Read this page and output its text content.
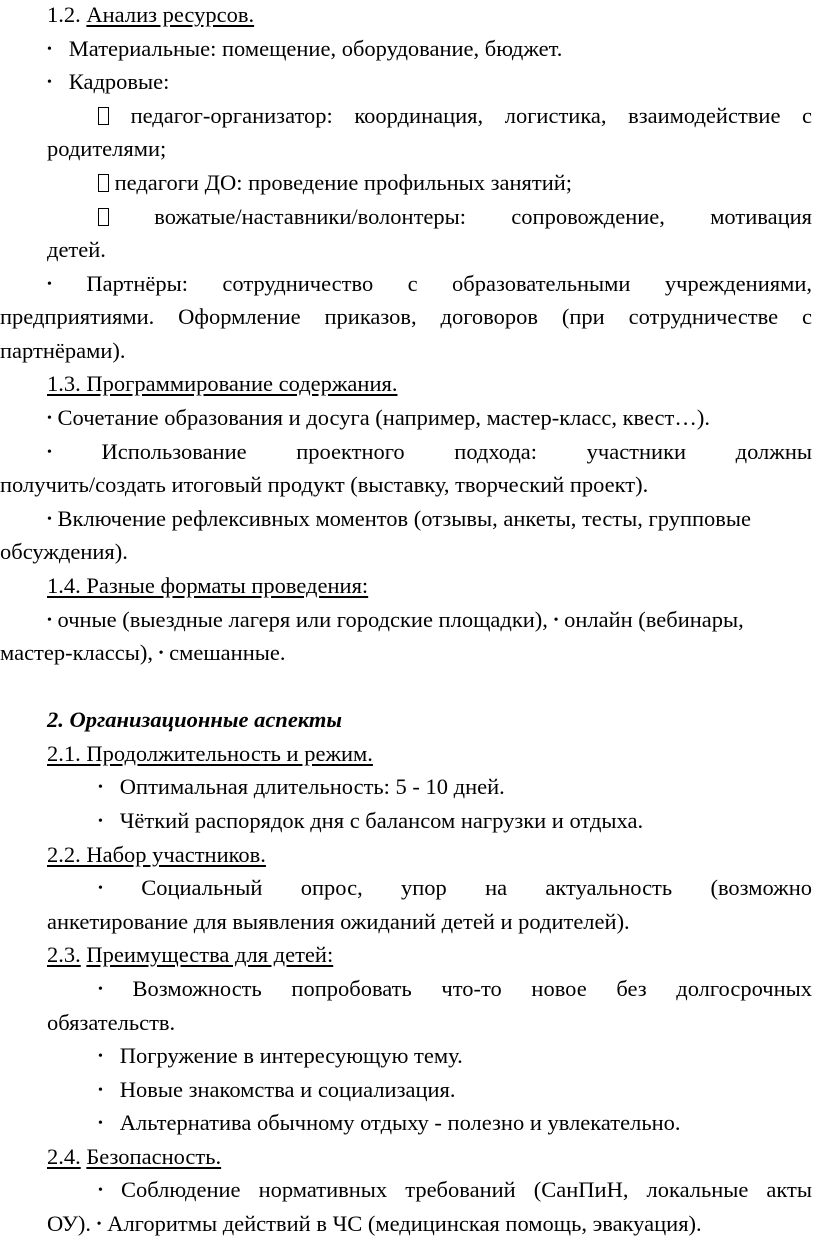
1.2. Анализ ресурсов.
• Материальные: помещение, оборудование, бюджет.
• Кадровые:
педагог-организатор: координация, логистика, взаимодействие с
родителями;
педагоги ДО: проведение профильных занятий;
вожатые/наставники/волонтеры: сопровождение, мотивация
детей.
• Партнёры: сотрудничество с образовательными учреждениями,
предприятиями. Оформление приказов, договоров (при сотрудничестве с
партнёрами).
1.3. Программирование содержания.
• Сочетание образования и досуга (например, мастер-класс, квест…).
• Использование проектного подхода: участники должны
получить/создать итоговый продукт (выставку, творческий проект).
• Включение рефлексивных моментов (отзывы, анкеты, тесты, групповые
обсуждения).
1.4. Разные форматы проведения:
• очные (выездные лагеря или городские площадки), • онлайн (вебинары,
мастер-классы), • смешанные.
2. Организационные аспекты
2.1. Продолжительность и режим.
• Оптимальная длительность: 5 - 10 дней.
• Чёткий распорядок дня с балансом нагрузки и отдыха.
2.2. Набор участников.
• Социальный опрос, упор на актуальность (возможно
анкетирование для выявления ожиданий детей и родителей).
2.3. Преимущества для детей:
• Возможность попробовать что-то новое без долгосрочных
обязательств.
• Погружение в интересующую тему.
• Новые знакомства и социализация.
• Альтернатива обычному отдыху - полезно и увлекательно.
2.4. Безопасность.
• Соблюдение нормативных требований (СанПиН, локальные акты
ОУ). • Алгоритмы действий в ЧС (медицинская помощь, эвакуация).
